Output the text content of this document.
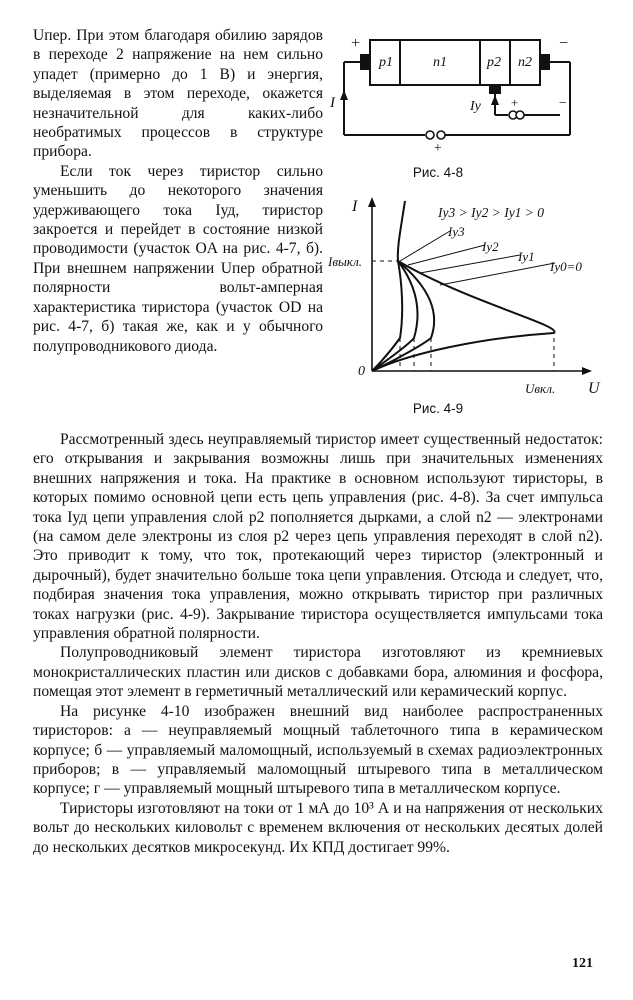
Uпер. При этом благодаря обилию зарядов в переходе 2 напряжение на нем сильно упадет (примерно до 1 В) и энергия, выделяемая в этом переходе, окажется незначительной для каких-либо необратимых процессов в структуре прибора.

Если ток через тиристор сильно уменьшить до некоторого значения удерживающего тока Iуд, тиристор закроется и перейдет в состояние низкой проводимости (участок OA на рис. 4-7, б). При внешнем напряжении Uпер обратной полярности вольт-амперная характеристика тиристора (участок OD на рис. 4-7, б) такая же, как и у обычного полупроводникового диода.

Рассмотренный здесь неуправляемый тиристор имеет существенный недостаток: его открывания и закрывания возможны лишь при значительных изменениях внешних напряжения и тока. На практике в основном используют тиристоры, в которых помимо основной цепи есть цепь управления (рис. 4-8). За счет импульса тока Iуд цепи управления слой p2 пополняется дырками, а слой n2 — электронами (на самом деле электроны из слоя p2 через цепь управления переходят в слой n2). Это приводит к тому, что ток, протекающий через тиристор (электронный и дырочный), будет значительно больше тока цепи управления. Отсюда и следует, что, подбирая значения тока управления, можно открывать тиристор при различных токах нагрузки (рис. 4-9). Закрывание тиристора осуществляется импульсами тока управления обратной полярности.

Полупроводниковый элемент тиристора изготовляют из кремниевых монокристаллических пластин или дисков с добавками бора, алюминия и фосфора, помещая этот элемент в герметичный металлический или керамический корпус.

На рисунке 4-10 изображен внешний вид наиболее распространенных тиристоров: а — неуправляемый мощный таблеточного типа в керамическом корпусе; б — управляемый маломощный, используемый в схемах радиоэлектронных приборов; в — управляемый маломощный штыревого типа в металлическом корпусе; г — управляемый мощный штыревого типа в металлическом корпусе.

Тиристоры изготовляют на токи от 1 мА до 10³ А и на напряжения от нескольких вольт до нескольких киловольт с временем включения от нескольких десятых долей до нескольких десятков микросекунд. Их КПД достигает 99%.

p1	n1	p2 n2
+	−
+
+	−
I	Iу
Рис. 4-8
I
U
0
Iвыкл.
Uвкл.
Iу3 > Iу2 > Iу1 > 0
Iу3
Iу2
Iу1
Iу0=0
Рис. 4-9
121
